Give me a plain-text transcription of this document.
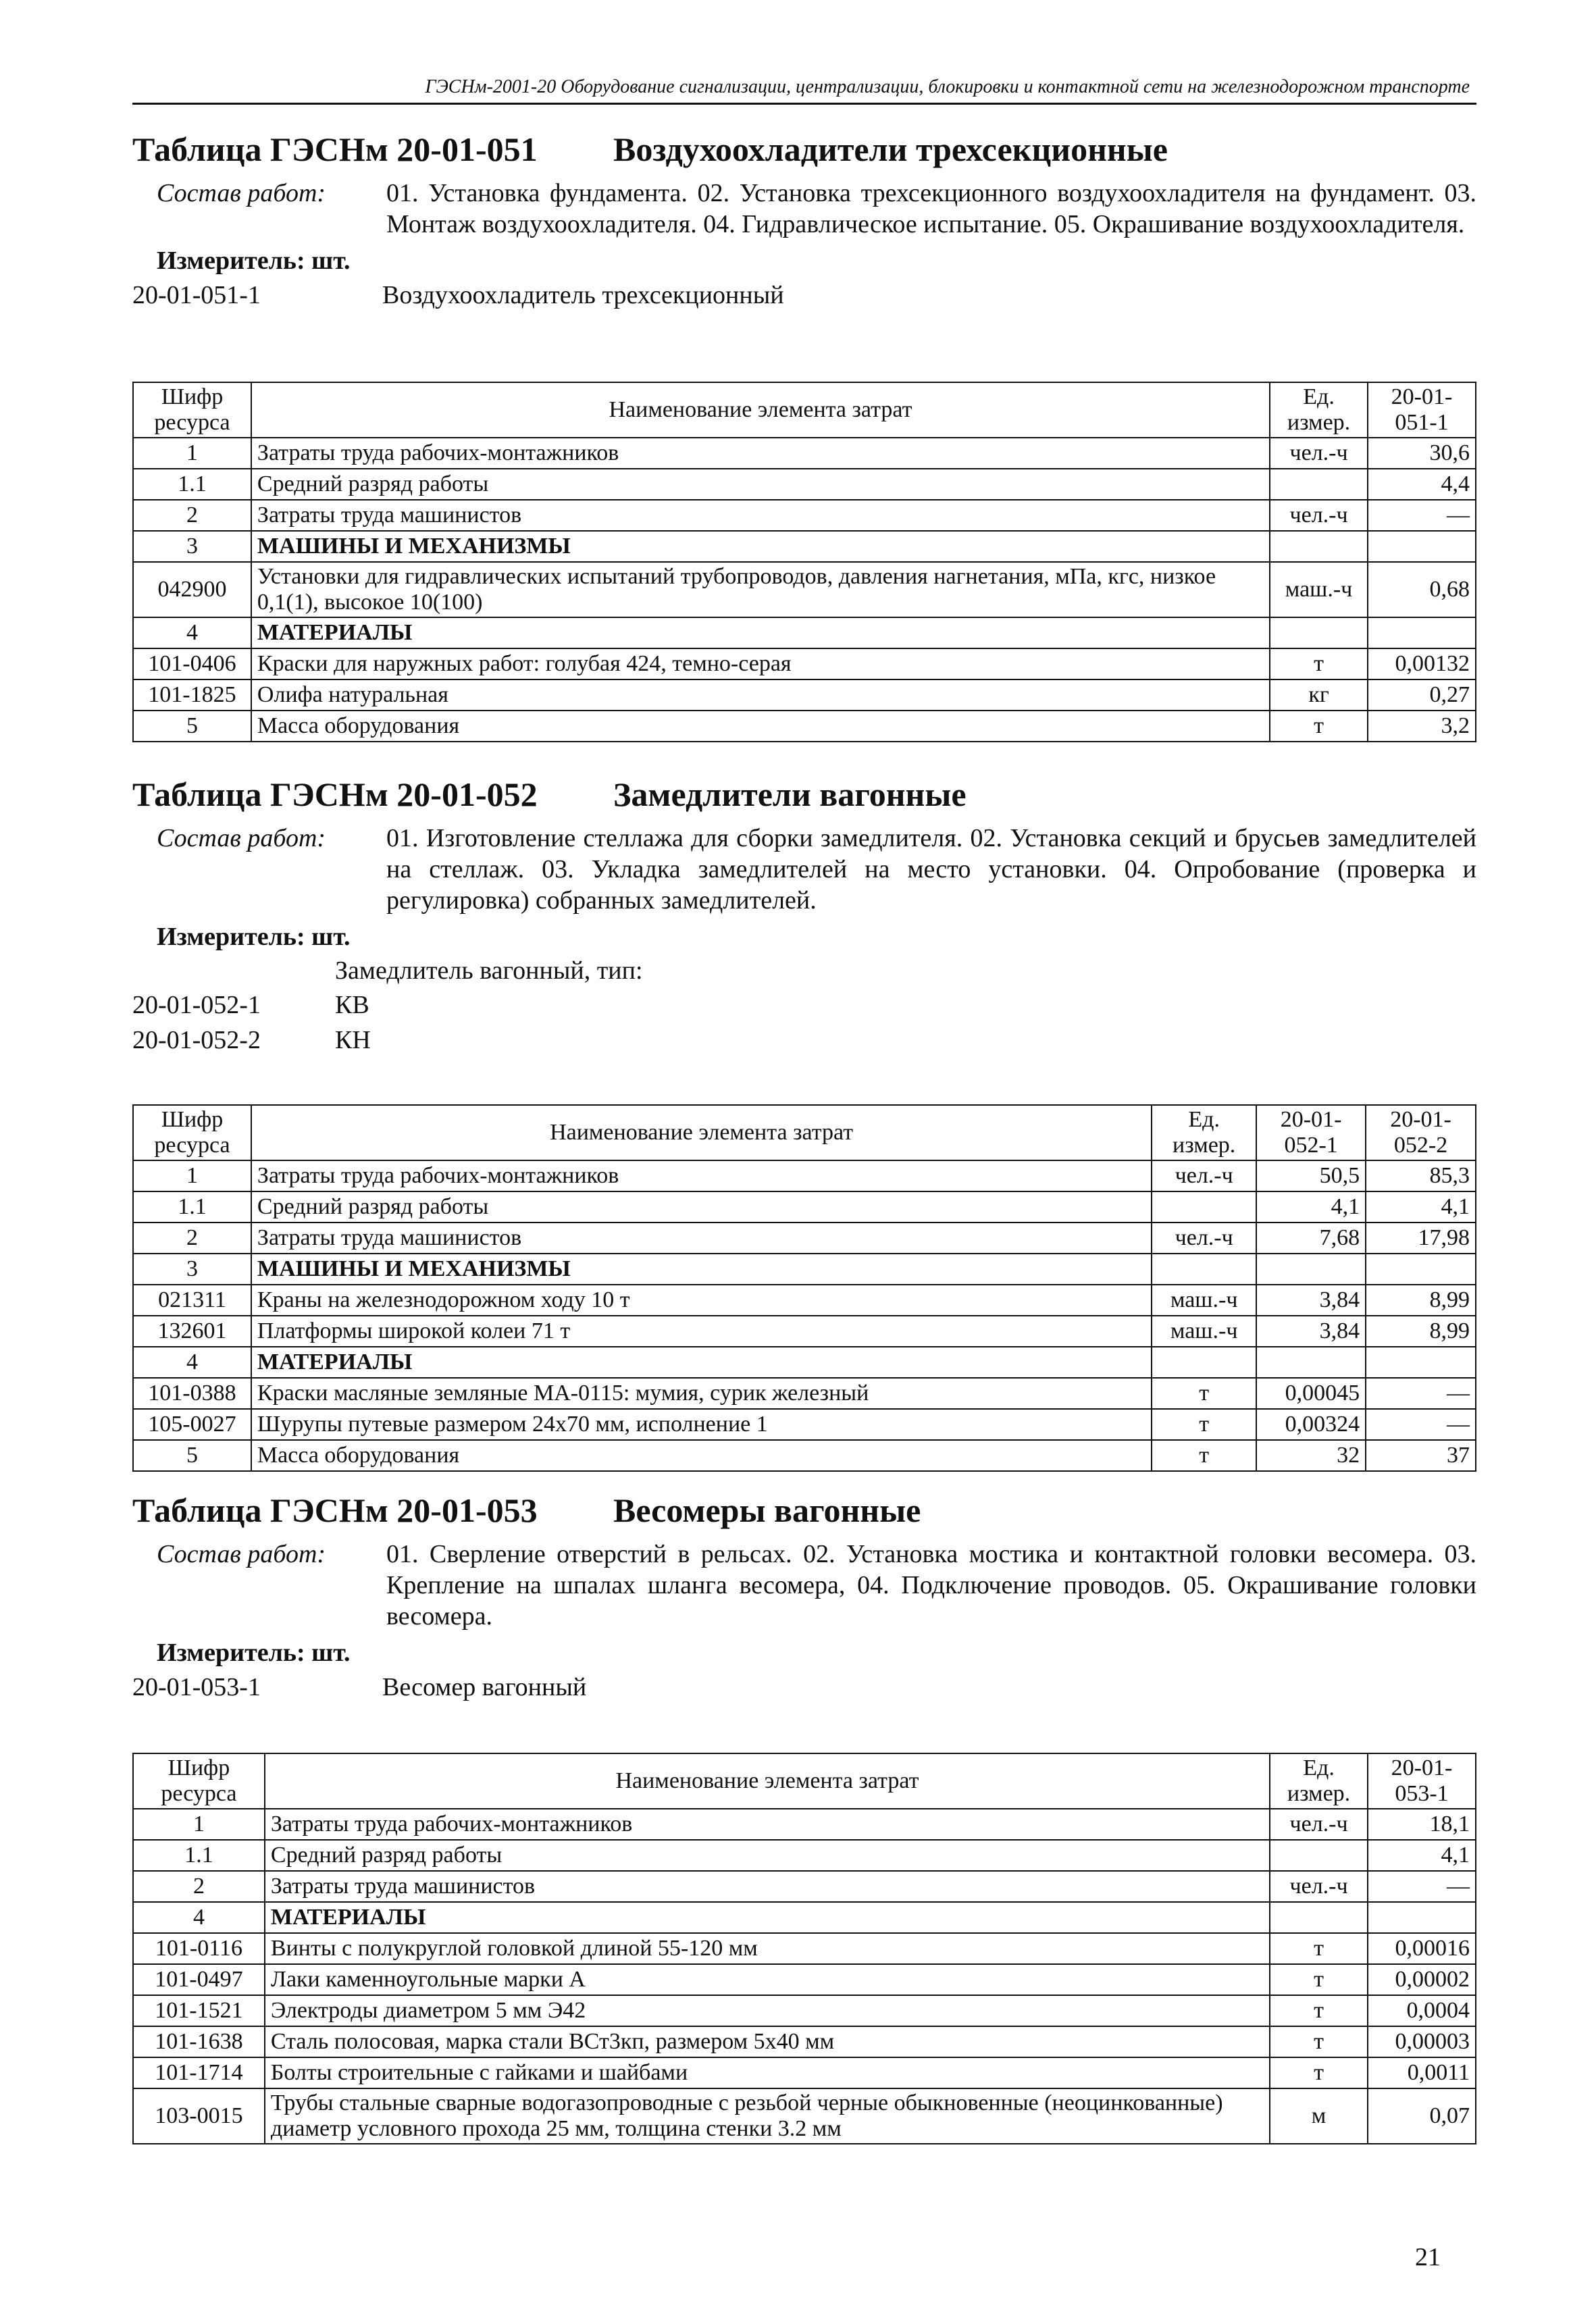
ГЭСНм-2001-20 Оборудование сигнализации, централизации, блокировки и контактной сети на железнодорожном транспорте
Таблица ГЭСНм 20-01-051	Воздухоохладители трехсекционные
Состав работ:	01. Установка фундамента. 02. Установка трехсекционного воздухоохладителя на фундамент. 03. Монтаж воздухоохладителя. 04. Гидравлическое испытание. 05. Окрашивание воздухоохладителя.
Измеритель: шт.
20-01-051-1	Воздухоохладитель трехсекционный
Шифр ресурса	Наименование элемента затрат	Ед. измер.	20-01-051-1
1	Затраты труда рабочих-монтажников	чел.-ч	30,6
1.1	Средний разряд работы		4,4
2	Затраты труда машинистов	чел.-ч	—
3	МАШИНЫ И МЕХАНИЗМЫ		
042900	Установки для гидравлических испытаний трубопроводов, давления нагнетания, мПа, кгс, низкое 0,1(1), высокое 10(100)	маш.-ч	0,68
4	МАТЕРИАЛЫ		
101-0406	Краски для наружных работ: голубая 424, темно-серая	т	0,00132
101-1825	Олифа натуральная	кг	0,27
5	Масса оборудования	т	3,2
Таблица ГЭСНм 20-01-052	Замедлители вагонные
Состав работ:	01. Изготовление стеллажа для сборки замедлителя. 02. Установка секций и брусьев замедлителей на стеллаж. 03. Укладка замедлителей на место установки. 04. Опробование (проверка и регулировка) собранных замедлителей.
Измеритель: шт.
Замедлитель вагонный, тип:
20-01-052-1	КВ
20-01-052-2	КН
Шифр ресурса	Наименование элемента затрат	Ед. измер.	20-01-052-1	20-01-052-2
1	Затраты труда рабочих-монтажников	чел.-ч	50,5	85,3
1.1	Средний разряд работы		4,1	4,1
2	Затраты труда машинистов	чел.-ч	7,68	17,98
3	МАШИНЫ И МЕХАНИЗМЫ			
021311	Краны на железнодорожном ходу 10 т	маш.-ч	3,84	8,99
132601	Платформы широкой колеи 71 т	маш.-ч	3,84	8,99
4	МАТЕРИАЛЫ			
101-0388	Краски масляные земляные МА-0115: мумия, сурик железный	т	0,00045	—
105-0027	Шурупы путевые размером 24x70 мм, исполнение 1	т	0,00324	—
5	Масса оборудования	т	32	37
Таблица ГЭСНм 20-01-053	Весомеры вагонные
Состав работ:	01. Сверление отверстий в рельсах. 02. Установка мостика и контактной головки весомера. 03. Крепление на шпалах шланга весомера, 04. Подключение проводов. 05. Окрашивание головки весомера.
Измеритель: шт.
20-01-053-1	Весомер вагонный
Шифр ресурса	Наименование элемента затрат	Ед. измер.	20-01-053-1
1	Затраты труда рабочих-монтажников	чел.-ч	18,1
1.1	Средний разряд работы		4,1
2	Затраты труда машинистов	чел.-ч	—
4	МАТЕРИАЛЫ		
101-0116	Винты с полукруглой головкой длиной 55-120 мм	т	0,00016
101-0497	Лаки каменноугольные марки А	т	0,00002
101-1521	Электроды диаметром 5 мм Э42	т	0,0004
101-1638	Сталь полосовая, марка стали ВСт3кп, размером 5x40 мм	т	0,00003
101-1714	Болты строительные с гайками и шайбами	т	0,0011
103-0015	Трубы стальные сварные водогазопроводные с резьбой черные обыкновенные (неоцинкованные) диаметр условного прохода 25 мм, толщина стенки 3.2 мм	м	0,07
21
